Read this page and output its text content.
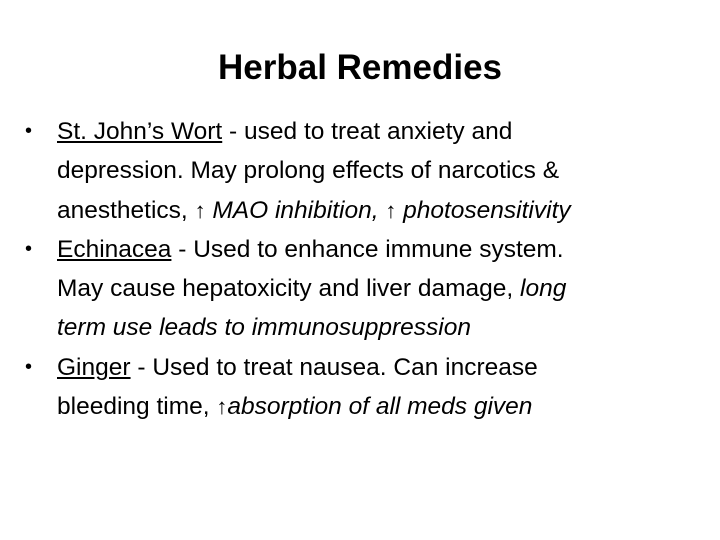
Herbal Remedies
• St. John’s Wort - used to treat anxiety and
depression. May prolong effects of narcotics &
anesthetics, ↑ MAO inhibition, ↑ photosensitivity
• Echinacea - Used to enhance immune system.
May cause hepatoxicity and liver damage, long
term use leads to immunosuppression
• Ginger - Used to treat nausea. Can increase
bleeding time, ↑absorption of all meds given
